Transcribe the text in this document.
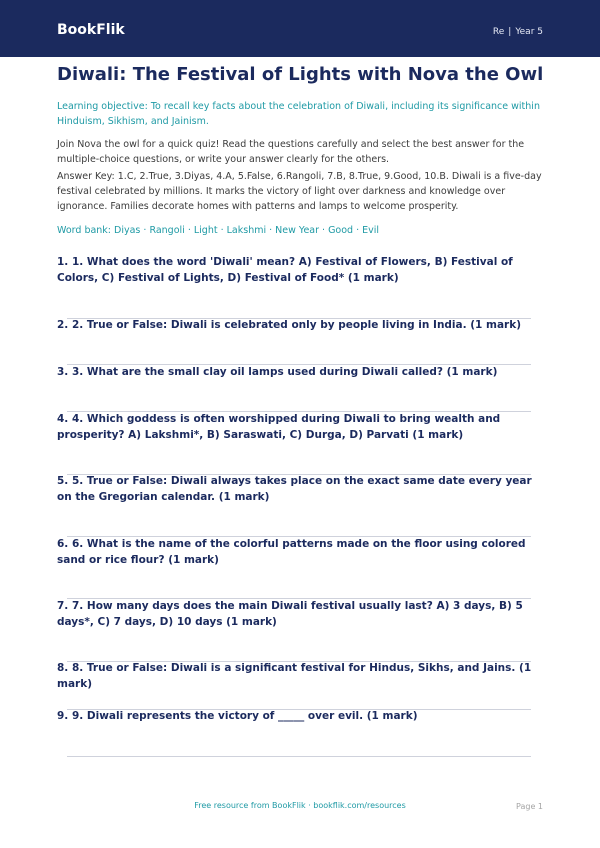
BookFlik	Re | Year 5
Diwali: The Festival of Lights with Nova the Owl
Learning objective: To recall key facts about the celebration of Diwali, including its significance within Hinduism, Sikhism, and Jainism.
Join Nova the owl for a quick quiz! Read the questions carefully and select the best answer for the multiple-choice questions, or write your answer clearly for the others.
Answer Key: 1.C, 2.True, 3.Diyas, 4.A, 5.False, 6.Rangoli, 7.B, 8.True, 9.Good, 10.B. Diwali is a five-day festival celebrated by millions. It marks the victory of light over darkness and knowledge over ignorance. Families decorate homes with patterns and lamps to welcome prosperity.
Word bank: Diyas · Rangoli · Light · Lakshmi · New Year · Good · Evil
1. 1. What does the word 'Diwali' mean? A) Festival of Flowers, B) Festival of Colors, C) Festival of Lights, D) Festival of Food* (1 mark)
2. 2. True or False: Diwali is celebrated only by people living in India. (1 mark)
3. 3. What are the small clay oil lamps used during Diwali called? (1 mark)
4. 4. Which goddess is often worshipped during Diwali to bring wealth and prosperity? A) Lakshmi*, B) Saraswati, C) Durga, D) Parvati (1 mark)
5. 5. True or False: Diwali always takes place on the exact same date every year on the Gregorian calendar. (1 mark)
6. 6. What is the name of the colorful patterns made on the floor using colored sand or rice flour? (1 mark)
7. 7. How many days does the main Diwali festival usually last? A) 3 days, B) 5 days*, C) 7 days, D) 10 days (1 mark)
8. 8. True or False: Diwali is a significant festival for Hindus, Sikhs, and Jains. (1 mark)
9. 9. Diwali represents the victory of _____ over evil. (1 mark)
Free resource from BookFlik · bookflik.com/resources	Page 1
